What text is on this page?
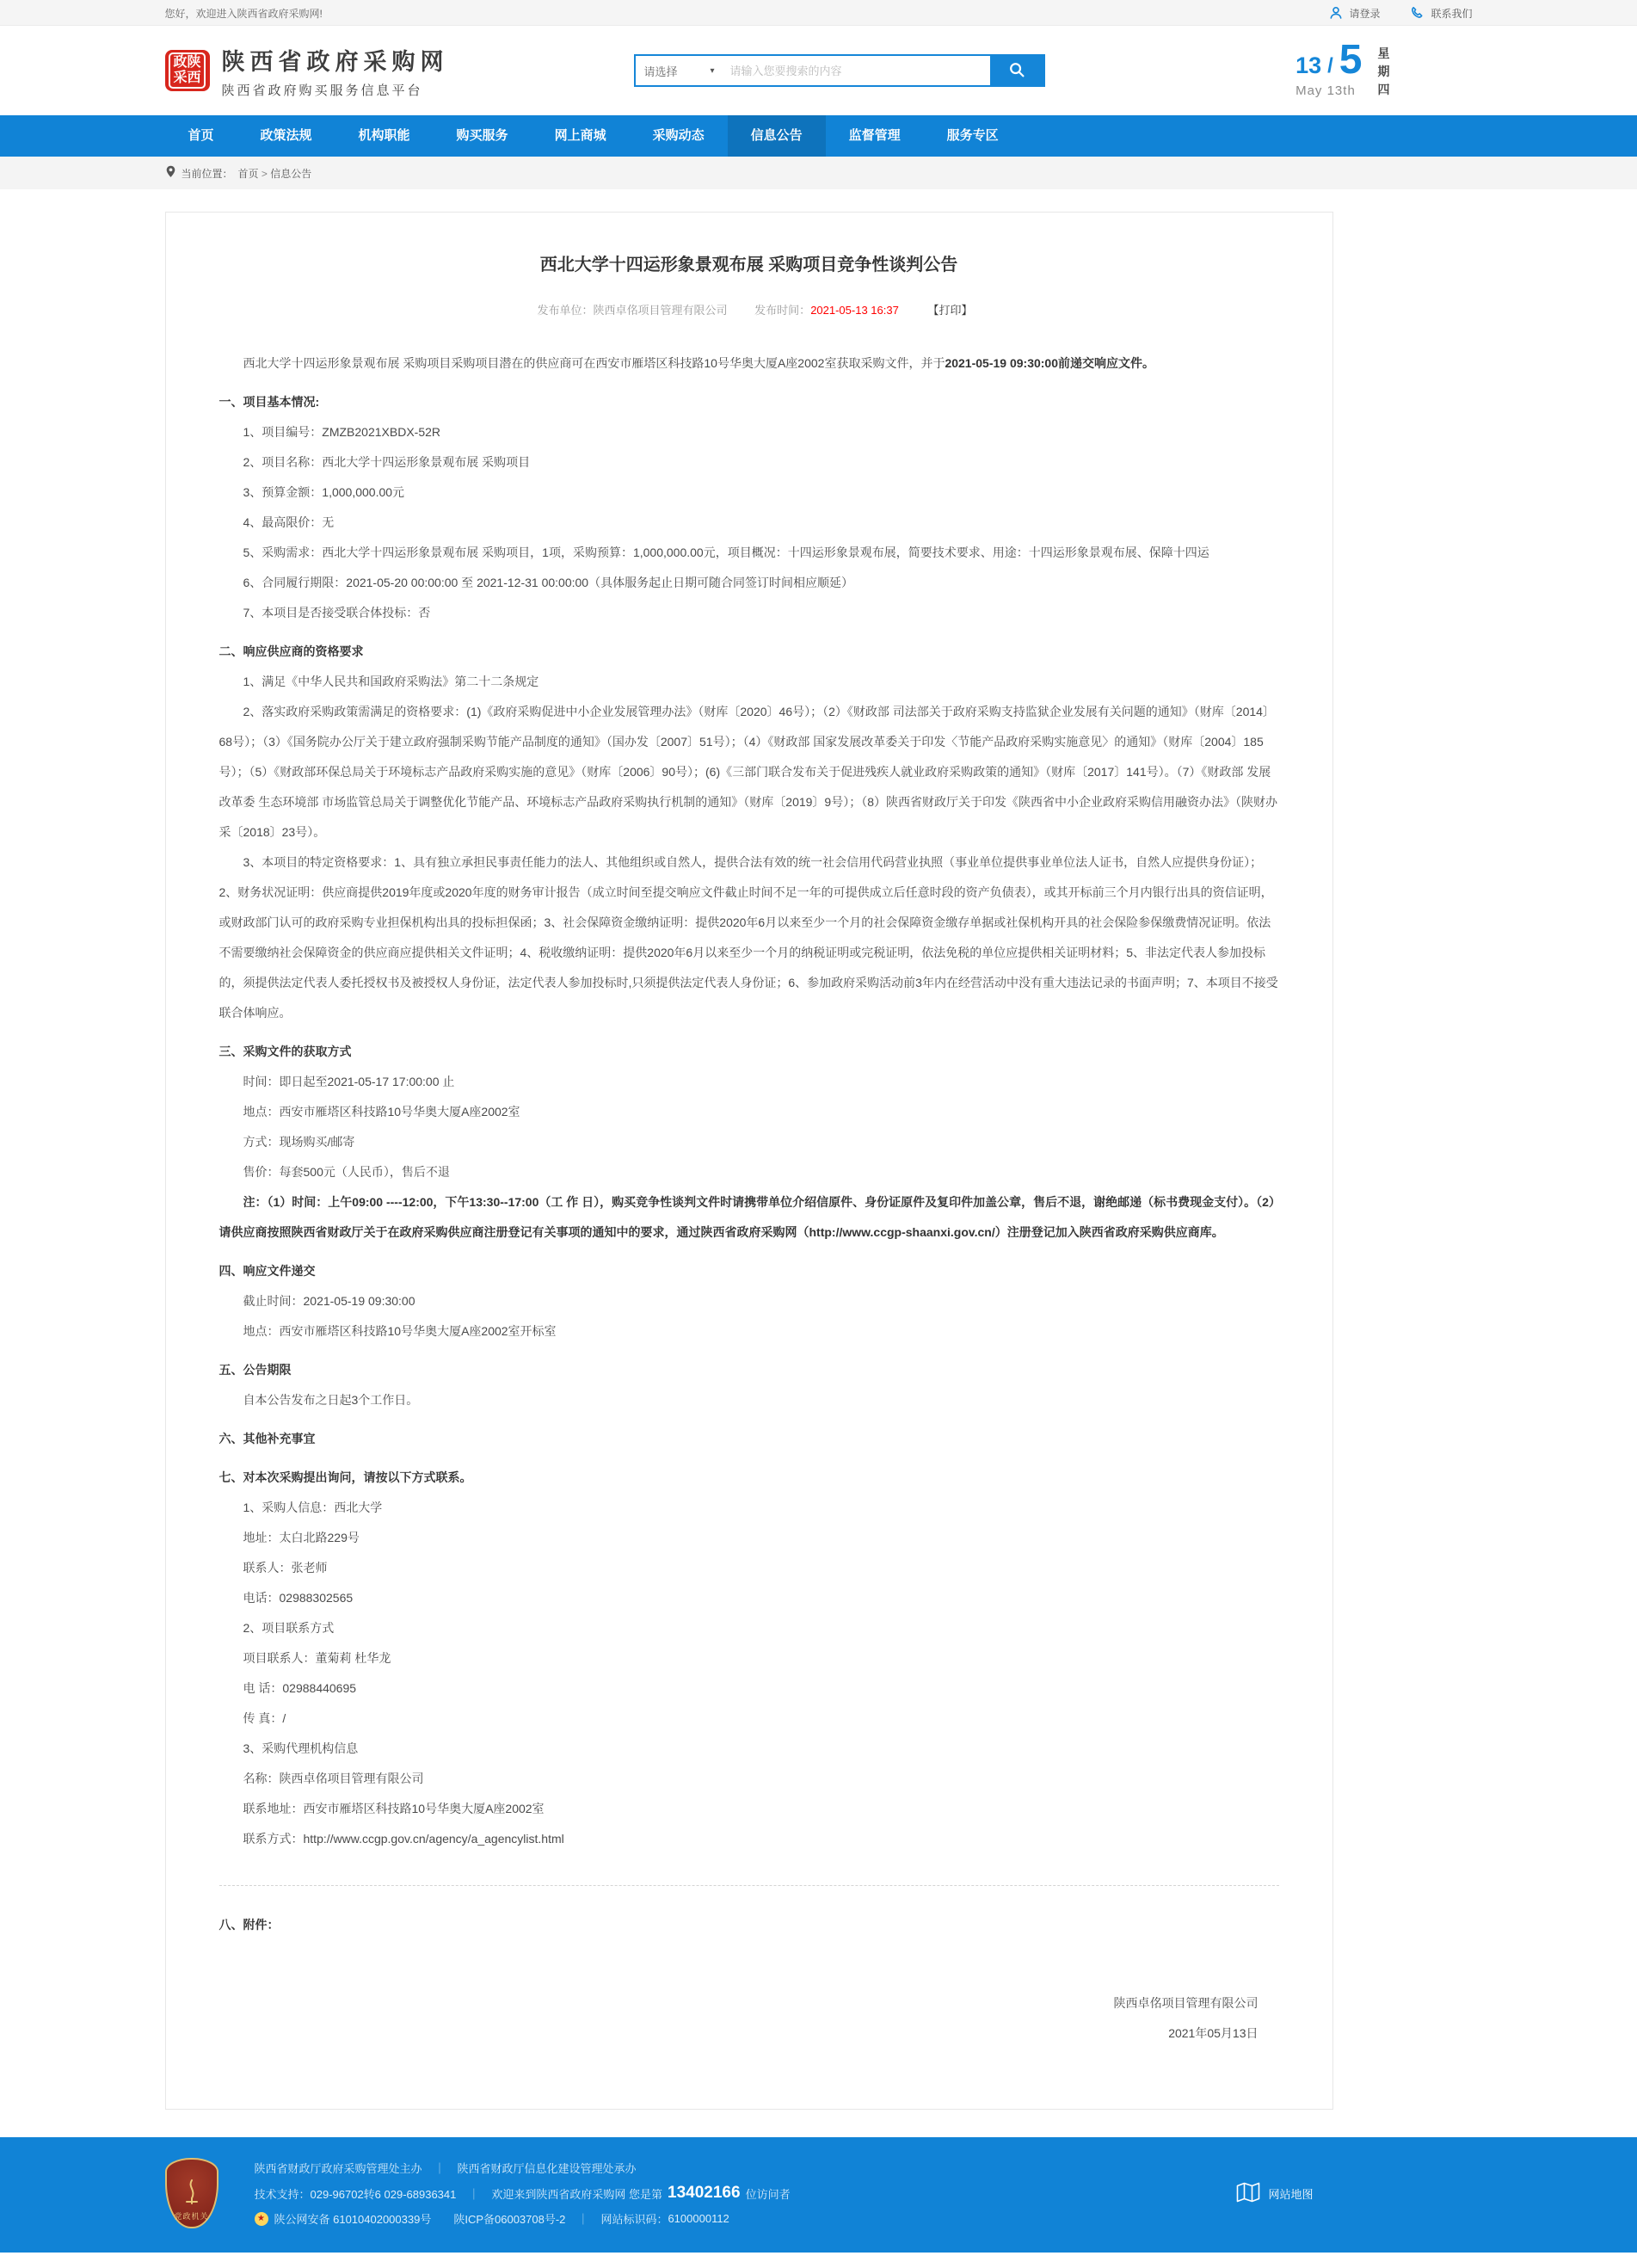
您好，欢迎进入陕西省政府采购网!	请登录	联系我们
政陕
采西
陕西省政府采购网
陕西省政府购买服务信息平台
请选择	▾
请输入您要搜索的内容	13 / 5
May 13th
星
期
四
首页	政策法规	机构职能	购买服务	网上商城	采购动态	信息公告	监督管理	服务专区
当前位置： 首页 > 信息公告
西北大学十四运形象景观布展 采购项目竞争性谈判公告
发布单位：陕西卓佲项目管理有限公司 发布时间：2021-05-13 16:37	【打印】
西北大学十四运形象景观布展 采购项目采购项目潜在的供应商可在西安市雁塔区科技路10号华奥大厦A座2002室获取采购文件，并于2021-05-19 09:30:00前递交响应文件。
一、项目基本情况:
1、项目编号：ZMZB2021XBDX-52R
2、项目名称：西北大学十四运形象景观布展 采购项目
3、预算金额：1,000,000.00元
4、最高限价：无
5、采购需求：西北大学十四运形象景观布展 采购项目，1项，采购预算：1,000,000.00元，项目概况：十四运形象景观布展，简要技术要求、用途：十四运形象景观布展、保障十四运
6、合同履行期限：2021-05-20 00:00:00 至 2021-12-31 00:00:00（具体服务起止日期可随合同签订时间相应顺延）
7、本项目是否接受联合体投标：否
二、响应供应商的资格要求
1、满足《中华人民共和国政府采购法》第二十二条规定
2、落实政府采购政策需满足的资格要求：(1)《政府采购促进中小企业发展管理办法》（财库〔2020〕46号）；（2）《财政部 司法部关于政府采购支持监狱企业发展有关问题的通知》（财库〔2014〕68号）；（3）《国务院办公厅关于建立政府强制采购节能产品制度的通知》（国办发〔2007〕51号）；（4）《财政部 国家发展改革委关于印发〈节能产品政府采购实施意见〉的通知》（财库〔2004〕185号）；（5）《财政部环保总局关于环境标志产品政府采购实施的意见》（财库〔2006〕90号）；(6)《三部门联合发布关于促进残疾人就业政府采购政策的通知》（财库〔2017〕141号）。（7）《财政部 发展改革委 生态环境部 市场监管总局关于调整优化节能产品、环境标志产品政府采购执行机制的通知》（财库〔2019〕9号）；（8）陕西省财政厅关于印发《陕西省中小企业政府采购信用融资办法》（陕财办采〔2018〕23号）。
3、本项目的特定资格要求：1、具有独立承担民事责任能力的法人、其他组织或自然人，提供合法有效的统一社会信用代码营业执照（事业单位提供事业单位法人证书，自然人应提供身份证）；2、财务状况证明：供应商提供2019年度或2020年度的财务审计报告（成立时间至提交响应文件截止时间不足一年的可提供成立后任意时段的资产负债表），或其开标前三个月内银行出具的资信证明，或财政部门认可的政府采购专业担保机构出具的投标担保函；3、社会保障资金缴纳证明：提供2020年6月以来至少一个月的社会保障资金缴存单据或社保机构开具的社会保险参保缴费情况证明。依法不需要缴纳社会保障资金的供应商应提供相关文件证明；4、税收缴纳证明：提供2020年6月以来至少一个月的纳税证明或完税证明，依法免税的单位应提供相关证明材料；5、非法定代表人参加投标的，须提供法定代表人委托授权书及被授权人身份证，法定代表人参加投标时,只须提供法定代表人身份证；6、参加政府采购活动前3年内在经营活动中没有重大违法记录的书面声明；7、本项目不接受联合体响应。
三、采购文件的获取方式
时间：即日起至2021-05-17 17:00:00 止
地点：西安市雁塔区科技路10号华奥大厦A座2002室
方式：现场购买/邮寄
售价：每套500元（人民币），售后不退
注：（1）时间：上午09:00 ----12:00，下午13:30--17:00（工 作 日），购买竞争性谈判文件时请携带单位介绍信原件、身份证原件及复印件加盖公章，售后不退，谢绝邮递（标书费现金支付）。（2）请供应商按照陕西省财政厅关于在政府采购供应商注册登记有关事项的通知中的要求，通过陕西省政府采购网（http://www.ccgp-shaanxi.gov.cn/）注册登记加入陕西省政府采购供应商库。
四、响应文件递交
截止时间：2021-05-19 09:30:00
地点：西安市雁塔区科技路10号华奥大厦A座2002室开标室
五、公告期限
自本公告发布之日起3个工作日。
六、其他补充事宜
七、对本次采购提出询问，请按以下方式联系。
1、采购人信息：西北大学
地址：太白北路229号
联系人：张老师
电话：02988302565
2、项目联系方式
项目联系人：董菊莉 杜华龙
电 话：02988440695
传 真：/
3、采购代理机构信息
名称：陕西卓佲项目管理有限公司
联系地址：西安市雁塔区科技路10号华奥大厦A座2002室
联系方式：http://www.ccgp.gov.cn/agency/a_agencylist.html
八、附件：
陕西卓佲项目管理有限公司
2021年05月13日
党政机关
陕西省财政厅政府采购管理处主办	｜	陕西省财政厅信息化建设管理处承办
技术支持：029-96702转6 029-68936341	｜	欢迎来到陕西省政府采购网 您是第 13402166 位访问者
★ 陕公网安备 61010402000339号 陕ICP备06003708号-2	｜	网站标识码： 6100000112
网站地图
